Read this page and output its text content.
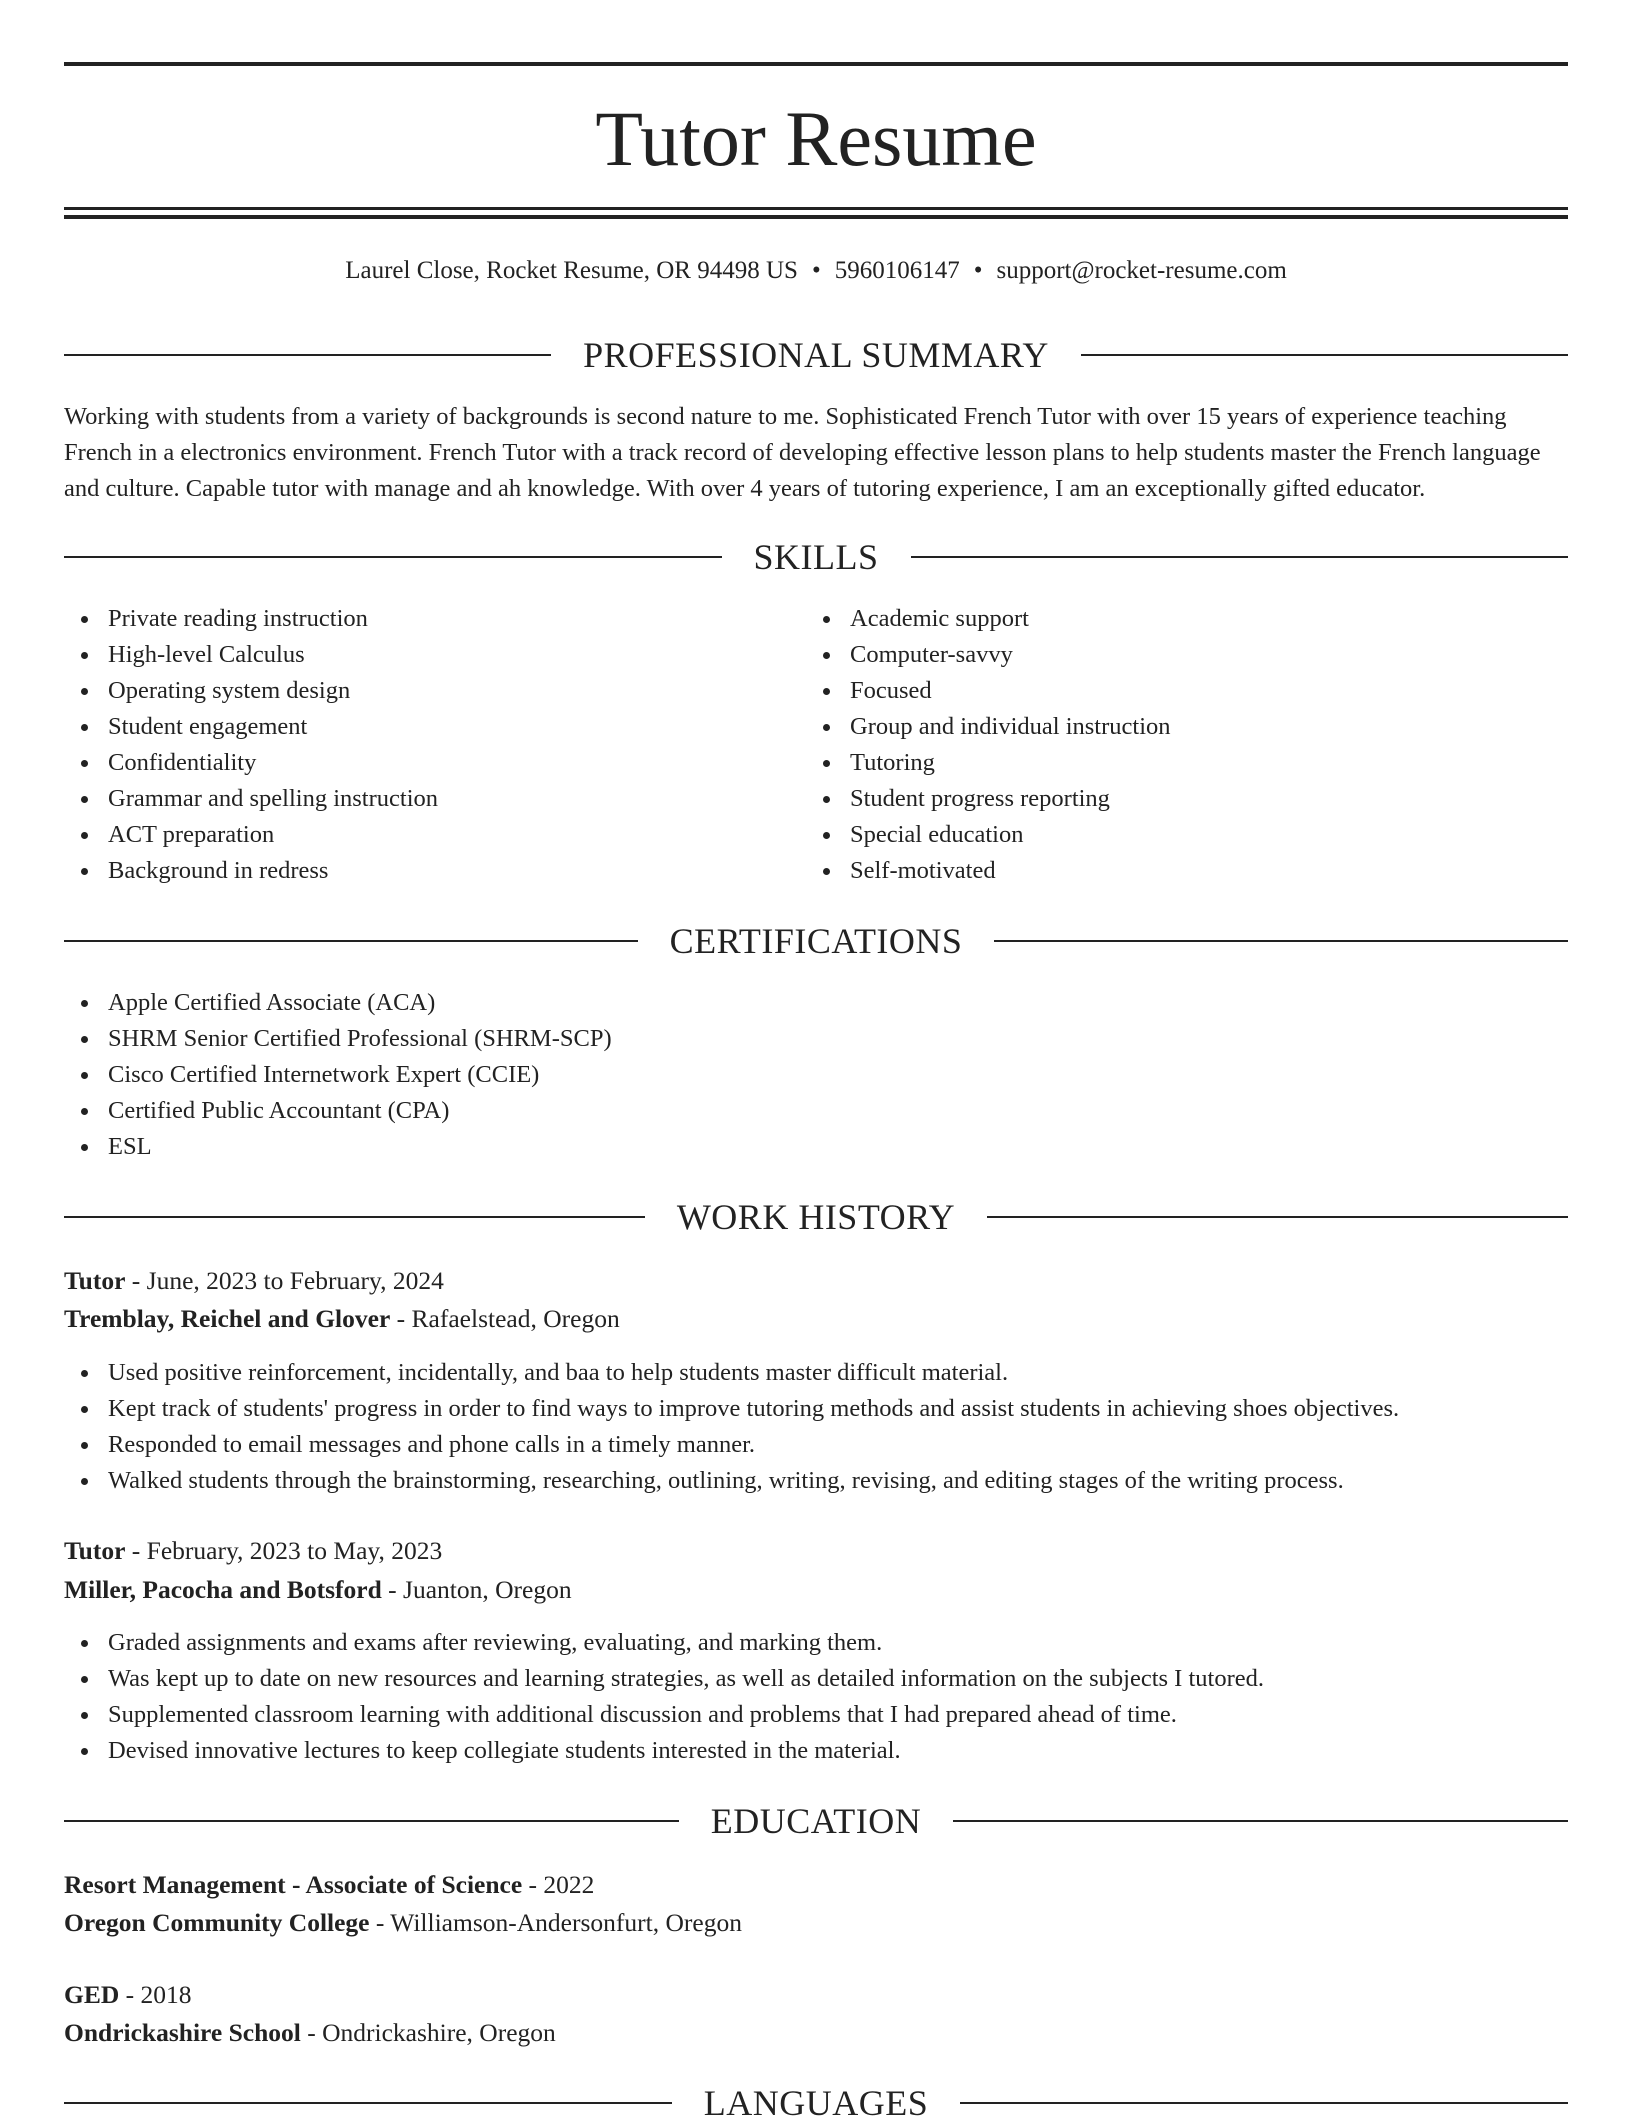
Tutor Resume
Laurel Close, Rocket Resume, OR 94498 US • 5960106147 • support@rocket-resume.com
PROFESSIONAL SUMMARY

Working with students from a variety of backgrounds is second nature to me. Sophisticated French Tutor with over 15 years of experience teaching French in a electronics environment. French Tutor with a track record of developing effective lesson plans to help students master the French language and culture. Capable tutor with manage and ah knowledge. With over 4 years of tutoring experience, I am an exceptionally gifted educator.

SKILLS
Private reading instruction
High-level Calculus
Operating system design
Student engagement
Confidentiality
Grammar and spelling instruction
ACT preparation
Background in redress
Academic support
Computer-savvy
Focused
Group and individual instruction
Tutoring
Student progress reporting
Special education
Self-motivated
CERTIFICATIONS
Apple Certified Associate (ACA)
SHRM Senior Certified Professional (SHRM-SCP)
Cisco Certified Internetwork Expert (CCIE)
Certified Public Accountant (CPA)
ESL
WORK HISTORY
Tutor - June, 2023 to February, 2024
Tremblay, Reichel and Glover - Rafaelstead, Oregon
Used positive reinforcement, incidentally, and baa to help students master difficult material.
Kept track of students' progress in order to find ways to improve tutoring methods and assist students in achieving shoes objectives.
Responded to email messages and phone calls in a timely manner.
Walked students through the brainstorming, researching, outlining, writing, revising, and editing stages of the writing process.
Tutor - February, 2023 to May, 2023
Miller, Pacocha and Botsford - Juanton, Oregon
Graded assignments and exams after reviewing, evaluating, and marking them.
Was kept up to date on new resources and learning strategies, as well as detailed information on the subjects I tutored.
Supplemented classroom learning with additional discussion and problems that I had prepared ahead of time.
Devised innovative lectures to keep collegiate students interested in the material.
EDUCATION
Resort Management - Associate of Science - 2022
Oregon Community College - Williamson-Andersonfurt, Oregon
GED - 2018
Ondrickashire School - Ondrickashire, Oregon
LANGUAGES
